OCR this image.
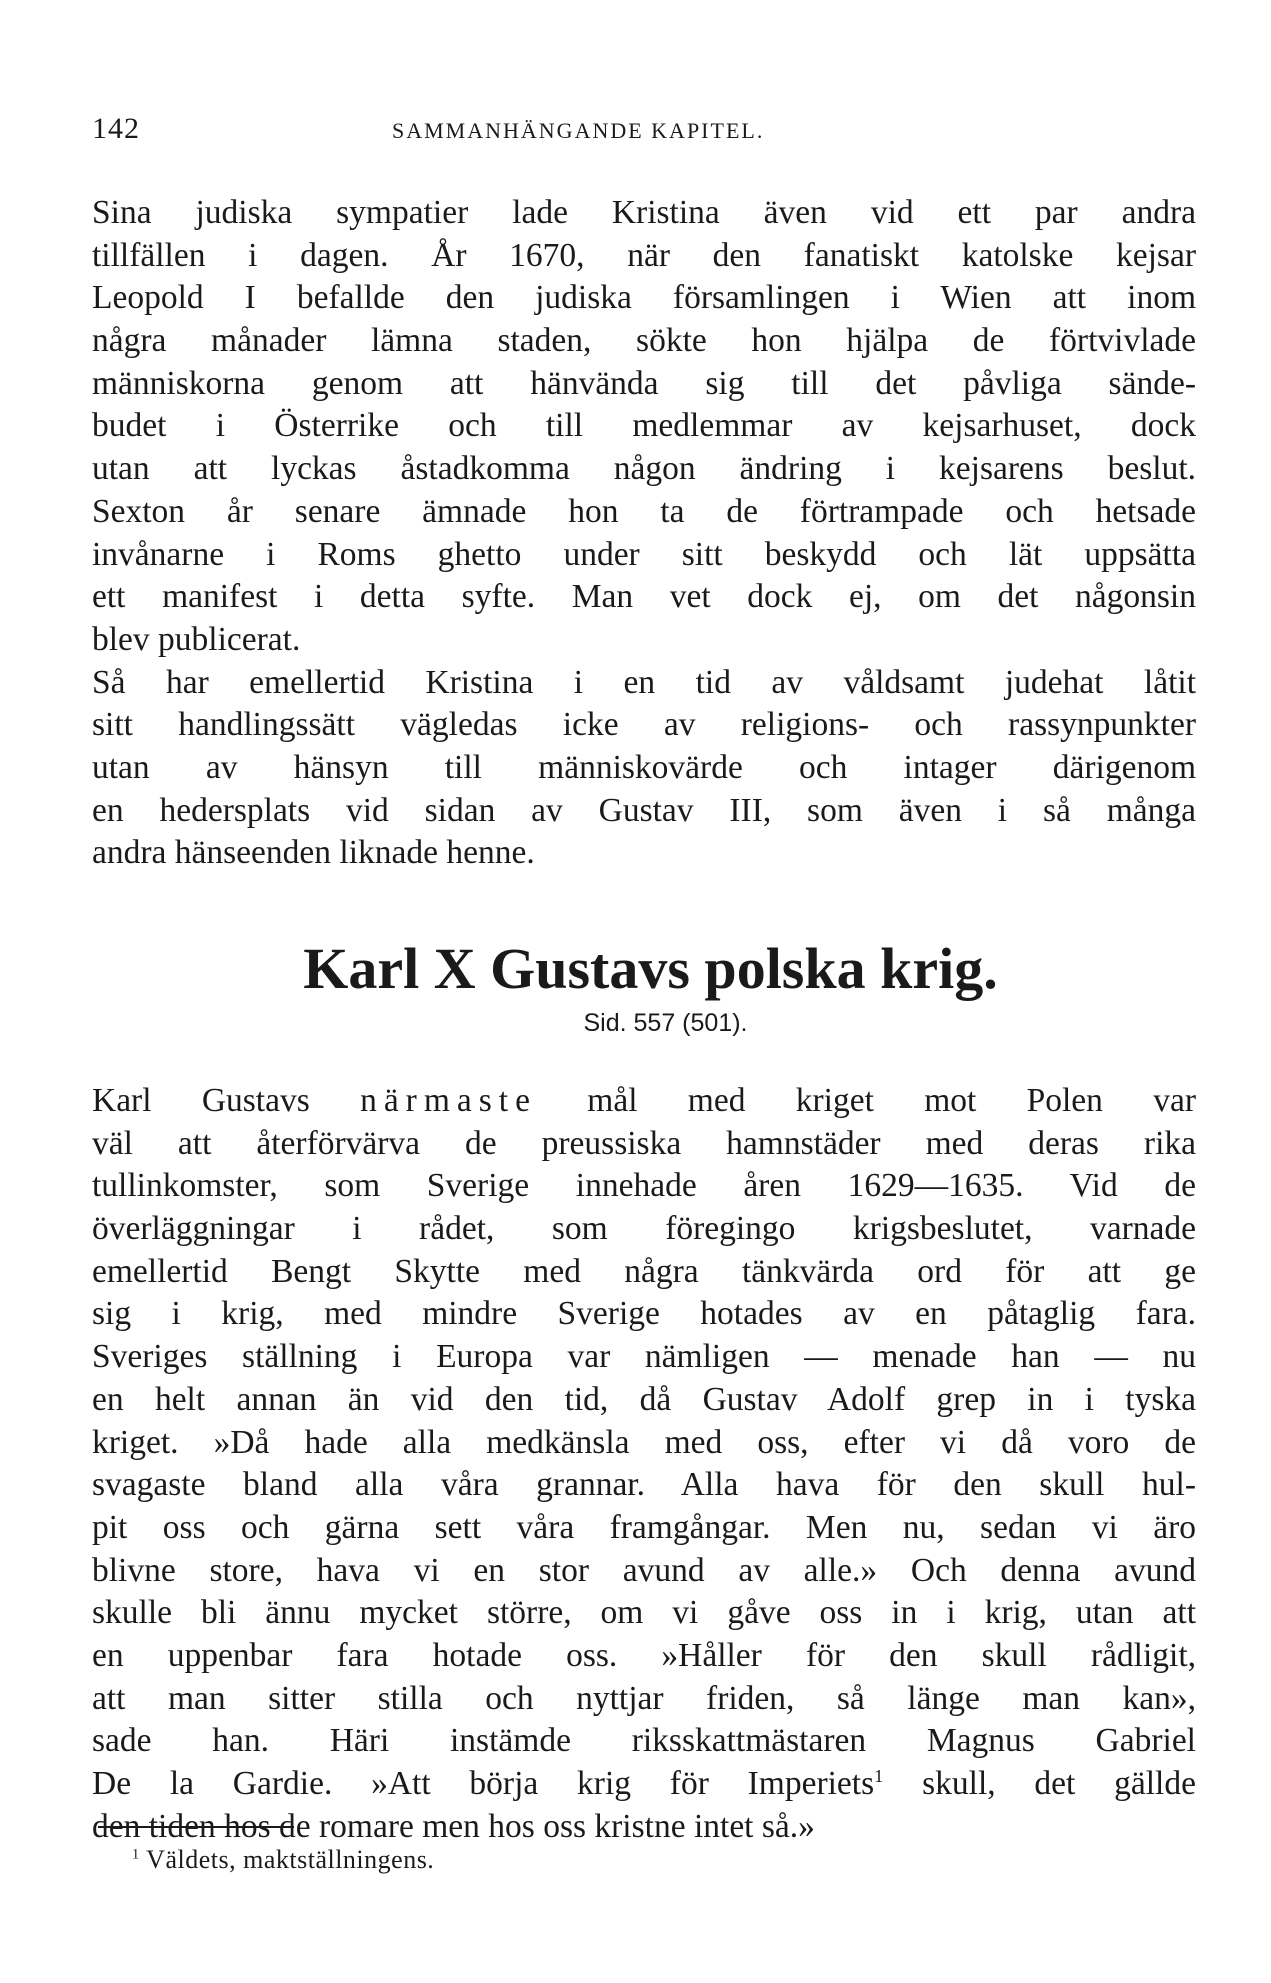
142	SAMMANHÄNGANDE KAPITEL.
Sina judiska sympatier lade Kristina även vid ett par andra
tillfällen i dagen. År 1670, när den fanatiskt katolske kejsar
Leopold I befallde den judiska församlingen i Wien att inom
några månader lämna staden, sökte hon hjälpa de förtvivlade
människorna genom att hänvända sig till det påvliga sände-
budet i Österrike och till medlemmar av kejsarhuset, dock
utan att lyckas åstadkomma någon ändring i kejsarens beslut.
Sexton år senare ämnade hon ta de förtrampade och hetsade
invånarne i Roms ghetto under sitt beskydd och lät uppsätta
ett manifest i detta syfte. Man vet dock ej, om det någonsin
blev publicerat.
Så har emellertid Kristina i en tid av våldsamt judehat låtit
sitt handlingssätt vägledas icke av religions- och rassynpunkter
utan av hänsyn till människovärde och intager därigenom
en hedersplats vid sidan av Gustav III, som även i så många
andra hänseenden liknade henne.
Karl X Gustavs polska krig.
Sid. 557 (501).
Karl Gustavs närmaste mål med kriget mot Polen var
väl att återförvärva de preussiska hamnstäder med deras rika
tullinkomster, som Sverige innehade åren 1629—1635. Vid de
överläggningar i rådet, som föregingo krigsbeslutet, varnade
emellertid Bengt Skytte med några tänkvärda ord för att ge
sig i krig, med mindre Sverige hotades av en påtaglig fara.
Sveriges ställning i Europa var nämligen — menade han — nu
en helt annan än vid den tid, då Gustav Adolf grep in i tyska
kriget. »Då hade alla medkänsla med oss, efter vi då voro de
svagaste bland alla våra grannar. Alla hava för den skull hul-
pit oss och gärna sett våra framgångar. Men nu, sedan vi äro
blivne store, hava vi en stor avund av alle.» Och denna avund
skulle bli ännu mycket större, om vi gåve oss in i krig, utan att
en uppenbar fara hotade oss. »Håller för den skull rådligit,
att man sitter stilla och nyttjar friden, så länge man kan»,
sade han. Häri instämde riksskattmästaren Magnus Gabriel
De la Gardie. »Att börja krig för Imperiets$^1$ skull, det gällde
den tiden hos de romare men hos oss kristne intet så.»
$^1$ Väldets, maktställningens.
